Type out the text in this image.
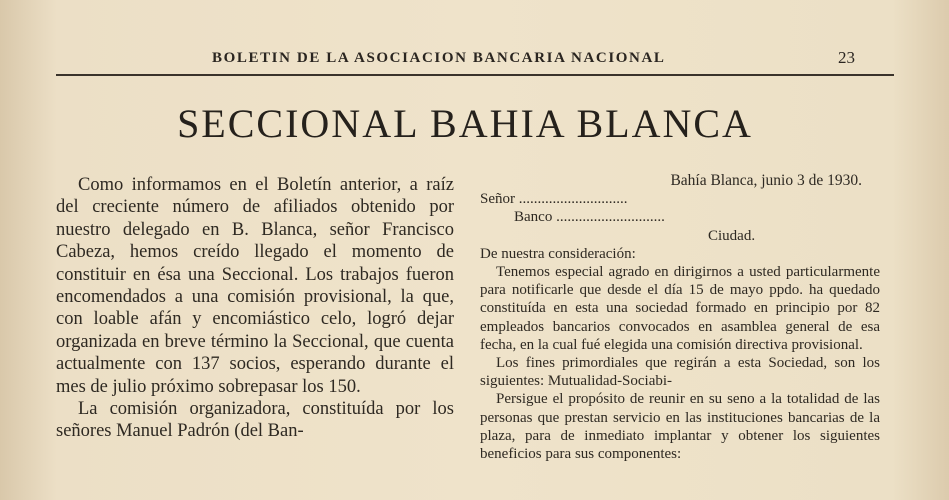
BOLETIN DE LA ASOCIACION BANCARIA NACIONAL	23
SECCIONAL BAHIA BLANCA

Como informamos en el Boletín anterior, a raíz del creciente número de afiliados obtenido por nuestro delegado en B. Blanca, señor Francisco Cabeza, hemos creído llegado el momento de constituir en ésa una Seccional. Los trabajos fueron encomendados a una comisión provisional, la que, con loable afán y encomiástico celo, logró dejar organizada en breve término la Seccional, que cuenta actualmente con 137 socios, esperando durante el mes de julio próximo sobrepasar los 150.

La comisión organizadora, constituída por los señores Manuel Padrón (del Ban-

Bahía Blanca, junio 3 de 1930.
Señor .............................
Banco .............................
Ciudad.
De nuestra consideración:

Tenemos especial agrado en dirigirnos a usted particularmente para notificarle que desde el día 15 de mayo ppdo. ha quedado constituída en esta una sociedad formado en principio por 82 empleados bancarios convocados en asamblea general de esa fecha, en la cual fué elegida una comisión directiva provisional.

Los fines primordiales que regirán a esta Sociedad, son los siguientes: Mutualidad-Sociabi-

Persigue el propósito de reunir en su seno a la totalidad de las personas que prestan servicio en las instituciones bancarias de la plaza, para de inmediato implantar y obtener los siguientes beneficios para sus componentes:
